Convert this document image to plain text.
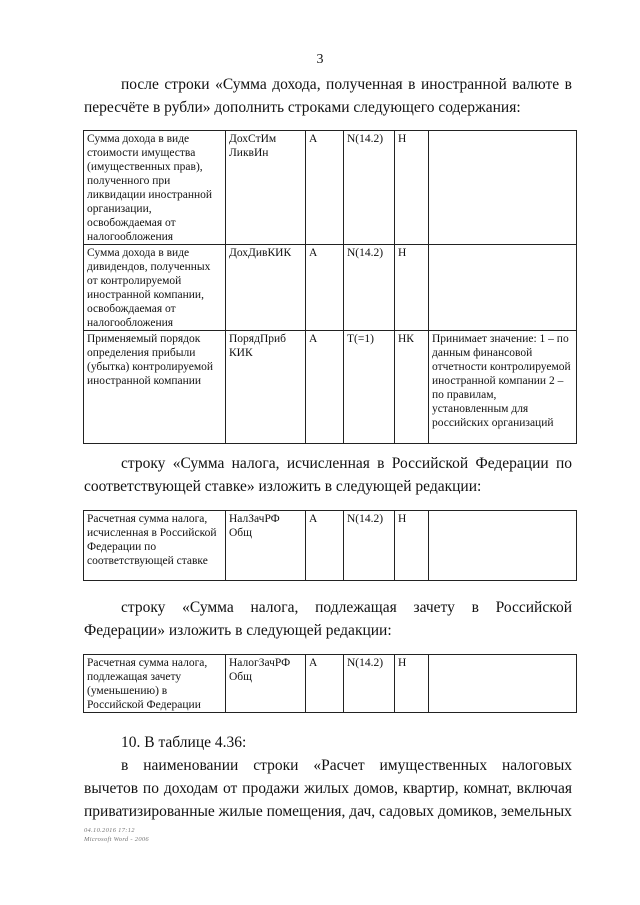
3
после строки «Сумма дохода, полученная в иностранной валюте в пересчёте в рубли» дополнить строками следующего содержания:
Сумма дохода в виде стоимости имущества (имущественных прав), полученного при ликвидации иностранной организации, освобождаемая от налогообложения	ДохСтИм ЛиквИн	А	N(14.2)	Н	
Сумма дохода в виде дивидендов, полученных от контролируемой иностранной компании, освобождаемая от налогообложения	ДохДивКИК	А	N(14.2)	Н	
Применяемый порядок определения прибыли (убытка) контролируемой иностранной компании	ПорядПриб КИК	А	Т(=1)	НК	Принимает значение: 1 – по данным финансовой отчетности контролируемой иностранной компании 2 – по правилам, установленным для российских организаций
строку «Сумма налога, исчисленная в Российской Федерации по соответствующей ставке» изложить в следующей редакции:
Расчетная сумма налога, исчисленная в Российской Федерации по соответствующей ставке	НалЗачРФ Общ	А	N(14.2)	Н	
строку «Сумма налога, подлежащая зачету в Российской Федерации» изложить в следующей редакции:
Расчетная сумма налога, подлежащая зачету (уменьшению) в Российской Федерации	НалогЗачРФ Общ	А	N(14.2)	Н	
10. В таблице 4.36:
в наименовании строки «Расчет имущественных налоговых вычетов по доходам от продажи жилых домов, квартир, комнат, включая приватизированные жилые помещения, дач, садовых домиков, земельных
04.10.2016 17:12
Microsoft Word - 2006
